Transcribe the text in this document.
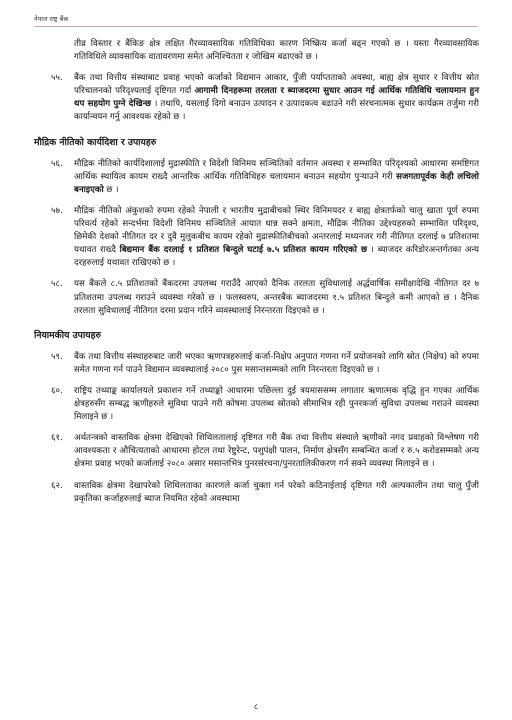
नेपाल राष्ट्र बैंक
तीव्र विस्तार र बैंकिङ क्षेत्र लक्षित गैरव्यावसायिक गतिविधिका कारण निष्क्रिय कर्जा बढ्न गएको छ । यस्ता गैरव्यावसायिक गतिविधिले व्यावसायिक वातावरणमा समेत अनिश्चितता र जोखिम बढाएको छ ।
५५. बैंक तथा वित्तीय संस्थाबाट प्रवाह भएको कर्जाको विद्यमान आकार, पुँजी पर्याप्तताको अवस्था, बाह्य क्षेत्र सुधार र वित्तीय स्रोत परिचालनको परिदृश्यलाई दृष्टिगत गर्दा आगामी दिनहरूमा तरलता र ब्याजदरमा सुधार आउन गई आर्थिक गतिविधि चलायमान हुन थप सहयोग पुग्ने देखिन्छ । तथापि, यसलाई दिगो बनाउन उत्पादन र उत्पादकत्व बढाउने गरी संरचनात्मक सुधार कार्यक्रम तर्जुमा गरी कार्यान्वयन गर्नु आवश्यक रहेको छ ।
मौद्रिक नीतिको कार्यदिशा र उपायहरु
५६. मौद्रिक नीतिको कार्यदिशालाई मुद्रास्फीति र विदेशी विनिमय सञ्चितिको वर्तमान अवस्था र सम्भावित परिदृश्यको आधारमा समष्टिगत आर्थिक स्थायित्व कायम राख्दै आन्तरिक आर्थिक गतिविधिहरु चलायमान बनाउन सहयोग पुऱ्याउने गरी सजगतापूर्वक केही लचिलो बनाइएको छ ।
५७. मौद्रिक नीतिको अंकुशको रुपमा रहेको नेपाली र भारतीय मुद्राबीचको स्थिर विनिमयदर र बाह्य क्षेत्रतर्फको चालु खाता पूर्ण रुपमा परिवर्त्य रहेको सन्दर्भमा विदेशी विनिमय सञ्चितिले आयात धान्न सक्ने क्षमता, मौद्रिक नीतिका उद्देश्यहरुको सम्भावित परिदृश्य, छिमेकी देशको नीतिगत दर र दुवै मुलुकबीच कायम रहेको मुद्रास्फीतिबीचको अन्तरलाई मध्यनजर गरी नीतिगत दरलाई ७ प्रतिशतमा यथावत राख्दै बिद्यमान बैंक दरलाई १ प्रतिशत बिन्दुले घटाई ७.५ प्रतिशत कायम गरिएको छ । ब्याजदर करिडोरअन्तर्गतका अन्य दरहरुलाई यथावत राखिएको छ ।
५८. यस बैंकले ८.५ प्रतिशतको बैंकदरमा उपलब्ध गराउँदै आएको दैनिक तरलता सुविधालाई अर्द्धवार्षिक समीक्षादेखि नीतिगत दर ७ प्रतिशतमा उपलब्ध गराउने व्यवस्था गरेको छ । फलस्वरुप, अन्तरबैंक ब्याजदरमा १.५ प्रतिशत बिन्दुले कमी आएको छ । दैनिक तरलता सुविधालाई नीतिगत दरमा प्रदान गरिने व्यवस्थालाई निरन्तरता दिइएको छ ।
नियामकीय उपायहरु
५९. बैंक तथा वित्तीय संस्थाहरुबाट जारी भएका ऋणपत्रहरुलाई कर्जा-निक्षेप अनुपात गणना गर्ने प्रयोजनको लागि स्रोत (निक्षेप) को रुपमा समेत गणना गर्न पाउने विद्यमान व्यवस्थालाई २०८० पुस मसान्तसम्मको लागि निरन्तरता दिइएको छ ।
६०. राष्ट्रिय तथ्याङ्क कार्यालयले प्रकाशन गर्ने तथ्याङ्को आधारमा पछिल्ला दुई त्रयमाससम्म लगातार ऋणात्मक वृद्धि हुन गएका आर्थिक क्षेत्रहरुसँग सम्बद्ध ऋणीहरुले सुविधा पाउने गरी कोषमा उपलब्ध स्रोतको सीमाभित्र रही पुनरकर्जा सुविधा उपलब्ध गराउने व्यवस्था मिलाइने छ ।
६१. अर्थतन्त्रको वास्तविक क्षेत्रमा देखिएको शिथिलतालाई दृष्टिगत गरी बैंक तथा वित्तीय संस्थाले ऋणीको नगद प्रवाहको विश्लेषण गरी आवश्यकता र औचित्यताको आधारमा होटल तथा रेष्टुरेन्ट, पशुपंक्षी पालन, निर्माण क्षेत्रसँग सम्बन्धित कर्जा र रु.५ करोडसम्मको अन्य क्षेत्रमा प्रवाह भएको कर्जालाई २०८० असार मसान्तभित्र पुनरसंरचना/पुनरतालिकीकरण गर्न सक्ने व्यवस्था मिलाइने छ ।
६२. वास्तविक क्षेत्रमा देखापरेको शिथिलताका कारणले कर्जा चुक्ता गर्न परेको कठिनाईलाई दृष्टिगत गरी अल्पकालीन तथा चालु पुँजी प्रकृतिका कर्जाहरुलाई ब्याज नियमित रहेको अवस्थामा
८
